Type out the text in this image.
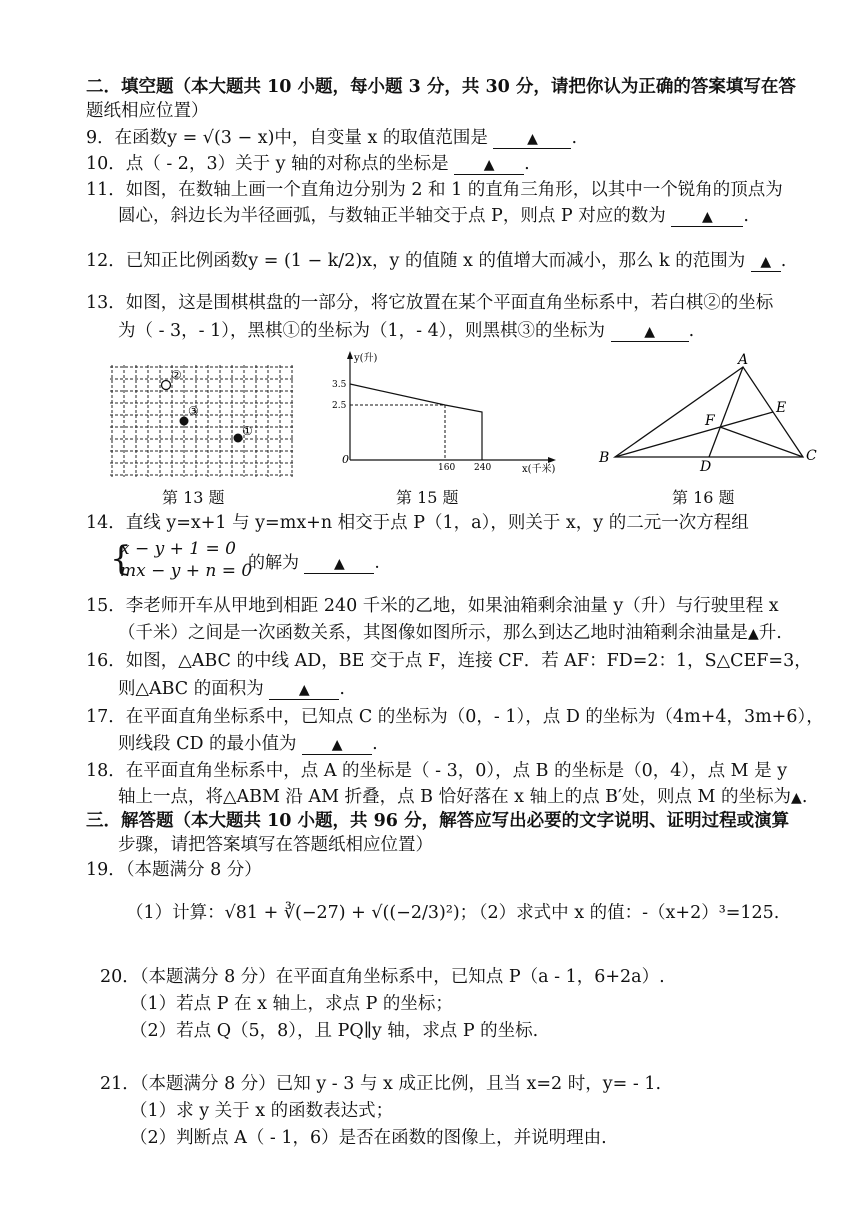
二．填空题（本大题共 10 小题，每小题 3 分，共 30 分，请把你认为正确的答案填写在答
题纸相应位置）
9．在函数y = √(3 − x)中，自变量 x 的取值范围是	▲ .
10．点（ - 2，3）关于 y 轴的对称点的坐标是	▲ .
11．如图，在数轴上画一个直角边分别为 2 和 1 的直角三角形，以其中一个锐角的顶点为
圆心，斜边长为半径画弧，与数轴正半轴交于点 P，则点 P 对应的数为	▲ .
12．已知正比例函数y = (1 − k/2)x，y 的值随 x 的值增大而减小，那么 k 的范围为 ▲ .
13．如图，这是围棋棋盘的一部分，将它放置在某个平面直角坐标系中，若白棋②的坐标
为（ - 3，- 1），黑棋①的坐标为（1，- 4），则黑棋③的坐标为	▲ .
②
③
①
y(升)
x(千米)
0
3.5
2.5
160 240
A
B	C
D
E
F
第 13 题	第 15 题	第 16 题
14．直线 y=x+1 与 y=mx+n 相交于点 P（1，a），则关于 x，y 的二元一次方程组
{
x − y + 1 = 0
mx − y + n = 0
的解为	▲ .
15．李老师开车从甲地到相距 240 千米的乙地，如果油箱剩余油量 y（升）与行驶里程 x
（千米）之间是一次函数关系，其图像如图所示，那么到达乙地时油箱剩余油量是▲升.
16．如图，△ABC 的中线 AD，BE 交于点 F，连接 CF．若 AF：FD=2：1，S△CEF=3，
则△ABC 的面积为	▲ .
17．在平面直角坐标系中，已知点 C 的坐标为（0，- 1），点 D 的坐标为（4m+4，3m+6），
则线段 CD 的最小值为	▲ .
18．在平面直角坐标系中，点 A 的坐标是（ - 3，0），点 B 的坐标是（0，4），点 M 是 y
轴上一点，将△ABM 沿 AM 折叠，点 B 恰好落在 x 轴上的点 B′处，则点 M 的坐标为▲.
三．解答题（本大题共 10 小题，共 96 分，解答应写出必要的文字说明、证明过程或演算
步骤，请把答案填写在答题纸相应位置）
19．（本题满分 8 分）
（1）计算：√81 + ∛(−27) + √((−2/3)²)；
（2）求式中 x 的值：-（x+2）³=125.
20．（本题满分 8 分）在平面直角坐标系中，已知点 P（a - 1，6+2a）.
（1）若点 P 在 x 轴上，求点 P 的坐标；
（2）若点 Q（5，8），且 PQ∥y 轴，求点 P 的坐标.
21．（本题满分 8 分）已知 y - 3 与 x 成正比例，且当 x=2 时，y= - 1.
（1）求 y 关于 x 的函数表达式；
（2）判断点 A（ - 1，6）是否在函数的图像上，并说明理由.
